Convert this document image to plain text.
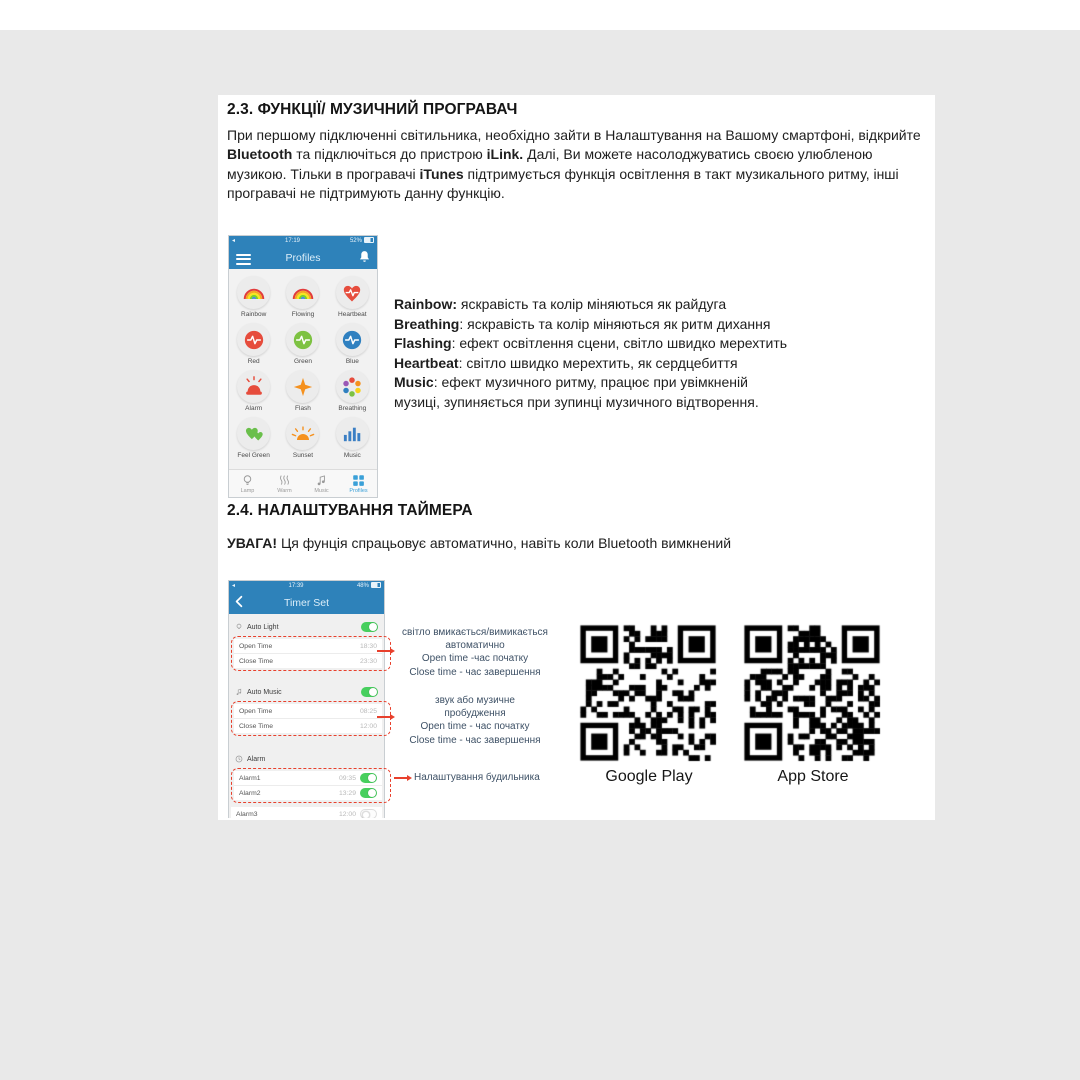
2.3. ФУНКЦІЇ/ МУЗИЧНИЙ ПРОГРАВАЧ
При першому підключенні світильника, необхідно зайти в Налаштування на Вашому смартфоні, відкрийте Bluetooth та підключіться до пристрою iLink. Далі, Ви можете насолоджуватись своєю улюбленою музикою. Тільки в програвачі iTunes підтримується функція освітлення в такт музикального ритму, інші програвачі не підтримують данну функцію.
◂	17:19	52%
Profiles
Rainbow	Flowing	Heartbeat
Red	Green	Blue
Alarm	Flash	Breathing
Feel Green	Sunset	Music
Lamp	Warm	Music	Profiles
Rainbow: яскравість та колір міняються як райдуга
Breathing: яскравість та колір міняються як ритм дихання
Flashing: ефект освітлення сцени, світло швидко мерехтить
Heartbeat: світло швидко мерехтить, як сердцебиття
Music: ефект музичного ритму, працює при увімкненій
музиці, зупиняється при зупинці музичного відтворення.
2.4. НАЛАШТУВАННЯ ТАЙМЕРА
УВАГА! Ця фунція спрацьовує автоматично, навіть коли Bluetooth вимкнений
◂	17:39	48%
Timer Set
Auto Light
Open Time	18:30
Close Time	23:30
Auto Music
Open Time	08:25
Close Time	12:00
Alarm
Alarm1	09:35
Alarm2	13:29
Alarm3	12:00
світло вмикається/вимикається
автоматично
Open time -час початку
Close time - час завершення
звук або музичне
пробудження
Open time - час початку
Close time - час завершення
Налаштування будильника	Google Play	App Store
